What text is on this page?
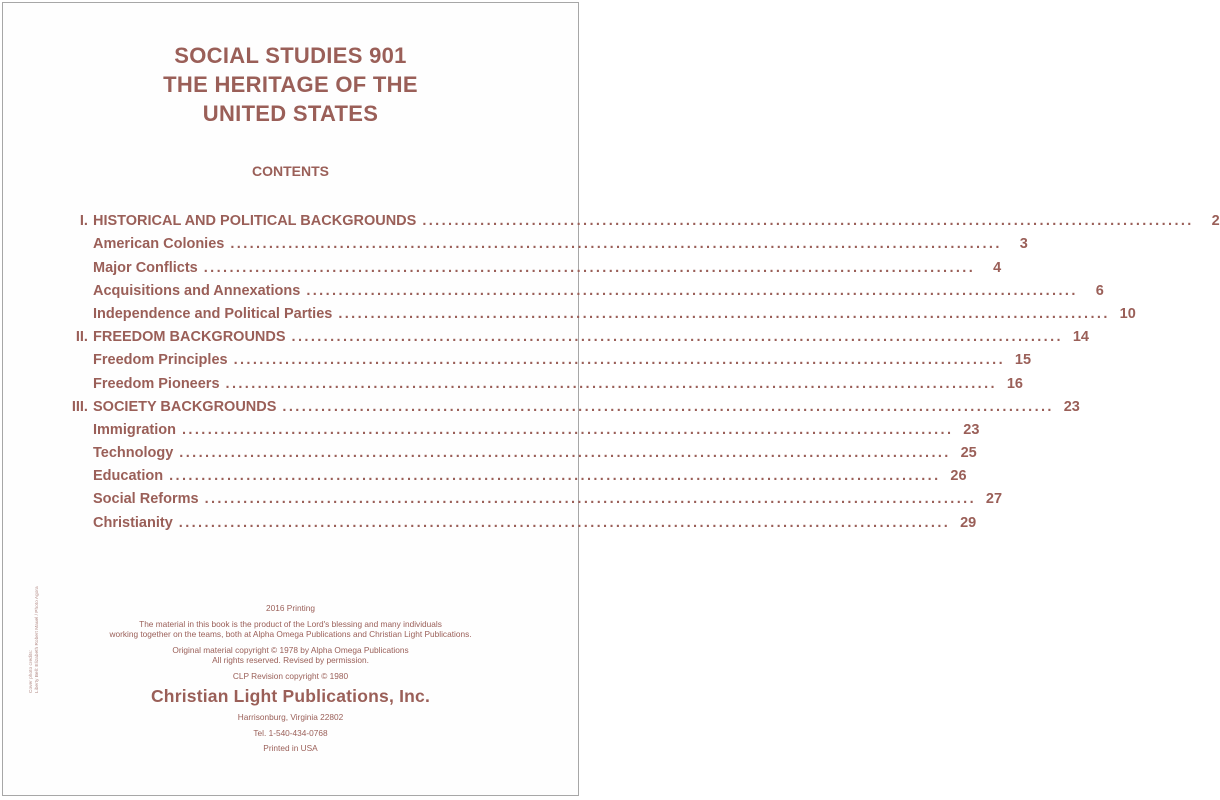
SOCIAL STUDIES 901
THE HERITAGE OF THE
UNITED STATES
CONTENTS
I. HISTORICAL AND POLITICAL BACKGROUNDS ........................................................................................................................	2
American Colonies ........................................................................................................................	3
Major Conflicts ........................................................................................................................	4
Acquisitions and Annexations ........................................................................................................................	6
Independence and Political Parties ........................................................................................................................ 10
II. FREEDOM BACKGROUNDS ........................................................................................................................ 14
Freedom Principles ........................................................................................................................ 15
Freedom Pioneers ........................................................................................................................ 16
III. SOCIETY BACKGROUNDS ........................................................................................................................ 23
Immigration ........................................................................................................................ 23
Technology ........................................................................................................................ 25
Education ........................................................................................................................ 26
Social Reforms ........................................................................................................................ 27
Christianity ........................................................................................................................ 29
2016 Printing
The material in this book is the product of the Lord's blessing and many individuals
working together on the teams, both at Alpha Omega Publications and Christian Light Publications.
Original material copyright © 1978 by Alpha Omega Publications
All rights reserved. Revised by permission.
CLP Revision copyright © 1980
Christian Light Publications, Inc.
Harrisonburg, Virginia 22802
Tel. 1-540-434-0768
Printed in USA
Cover photo credits: Liberty Bell: Elizabeth Robert Mauel / Photo Agora
